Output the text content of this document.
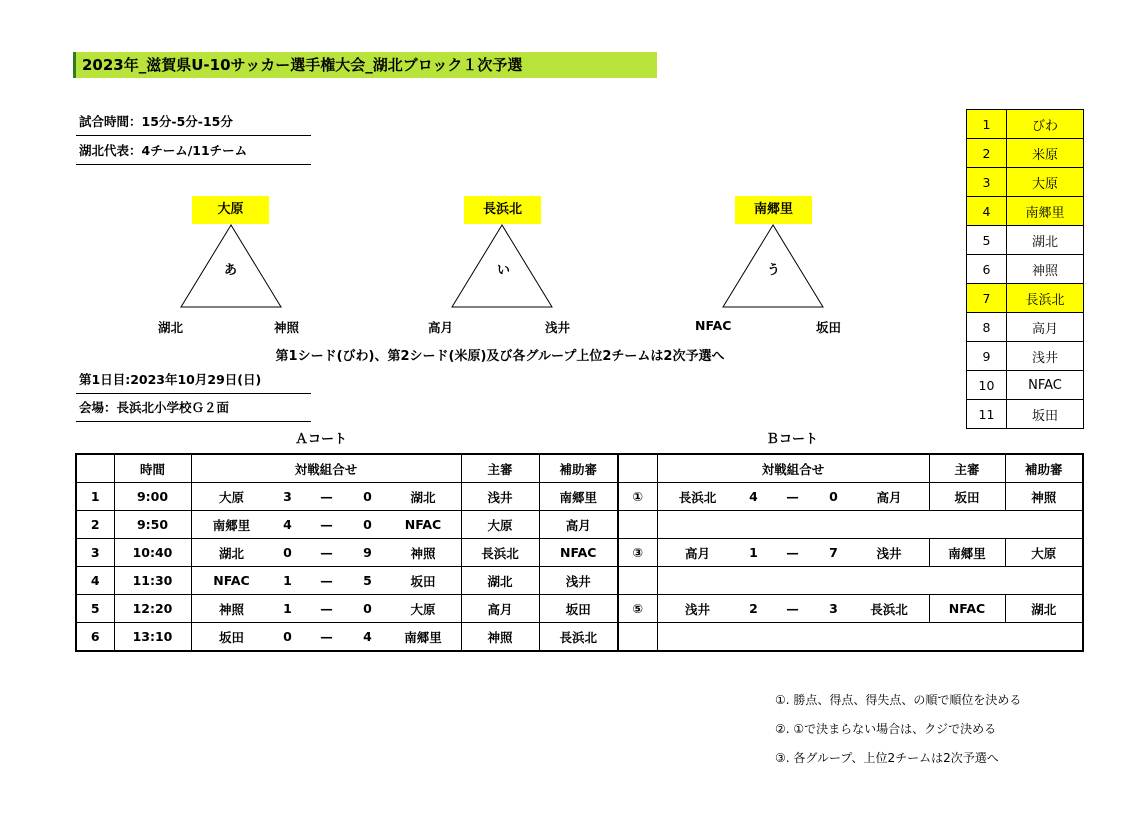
2023年_滋賀県U-10サッカー選手権大会_湖北ブロック１次予選
試合時間：15分-5分-15分
湖北代表：4チーム/11チーム
大原
あ
湖北	神照
長浜北
い
高月	浅井
南郷里
う
NFAC	坂田
第1シード(びわ)、第2シード(米原)及び各グループ上位2チームは2次予選へ
第1日目:2023年10月29日(日)
会場：長浜北小学校Ｇ２面
1	びわ
2	米原
3	大原
4	南郷里
5	湖北
6	神照
7	長浜北
8	高月
9	浅井
10	NFAC
11	坂田
Ａコート	Ｂコート
	時間	対戦組合せ	主審	補助審		対戦組合せ	主審	補助審
1	9:00	大原 3 — 0 湖北	浅井	南郷里	①	長浜北 4 — 0 高月	坂田	神照
2	9:50	南郷里 4 — 0 NFAC	大原	高月				
3	10:40	湖北 0 — 9 神照	長浜北	NFAC	③	高月 1 — 7 浅井	南郷里	大原
4	11:30	NFAC 1 — 5 坂田	湖北	浅井				
5	12:20	神照 1 — 0 大原	高月	坂田	⑤	浅井 2 — 3 長浜北	NFAC	湖北
6	13:10	坂田 0 — 4 南郷里	神照	長浜北				
①. 勝点、得点、得失点、の順で順位を決める
②. ①で決まらない場合は、クジで決める
③. 各グループ、上位2チームは2次予選へ
